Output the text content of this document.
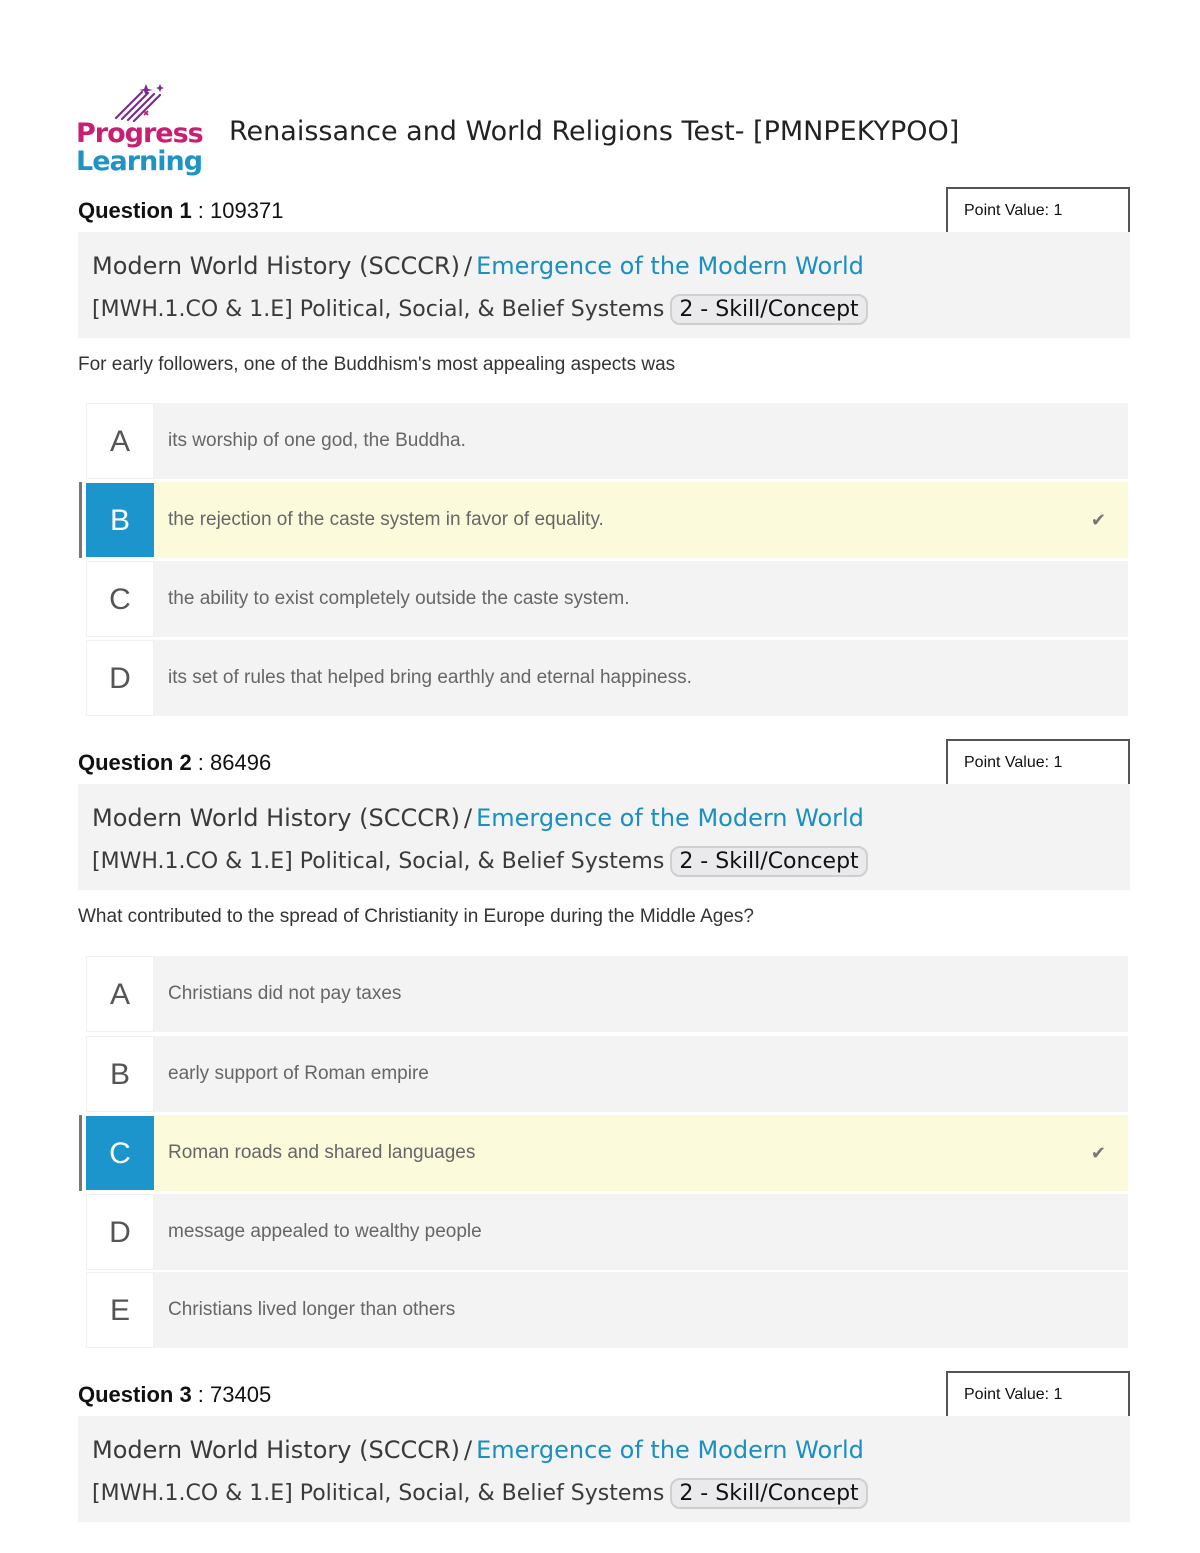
Progress
Learning
Renaissance and World Religions Test- [PMNPEKYPOO]
Question 1 : 109371	Point Value: 1
Modern World History (SCCCR) / Emergence of the Modern World
[MWH.1.CO & 1.E] Political, Social, & Belief Systems 2 - Skill/Concept
For early followers, one of the Buddhism's most appealing aspects was
A	its worship of one god, the Buddha.
B	the rejection of the caste system in favor of equality.	✔
C	the ability to exist completely outside the caste system.
D	its set of rules that helped bring earthly and eternal happiness.
Question 2 : 86496	Point Value: 1
Modern World History (SCCCR) / Emergence of the Modern World
[MWH.1.CO & 1.E] Political, Social, & Belief Systems 2 - Skill/Concept
What contributed to the spread of Christianity in Europe during the Middle Ages?
A	Christians did not pay taxes
B	early support of Roman empire
C	Roman roads and shared languages	✔
D	message appealed to wealthy people
E	Christians lived longer than others
Question 3 : 73405	Point Value: 1
Modern World History (SCCCR) / Emergence of the Modern World
[MWH.1.CO & 1.E] Political, Social, & Belief Systems 2 - Skill/Concept
